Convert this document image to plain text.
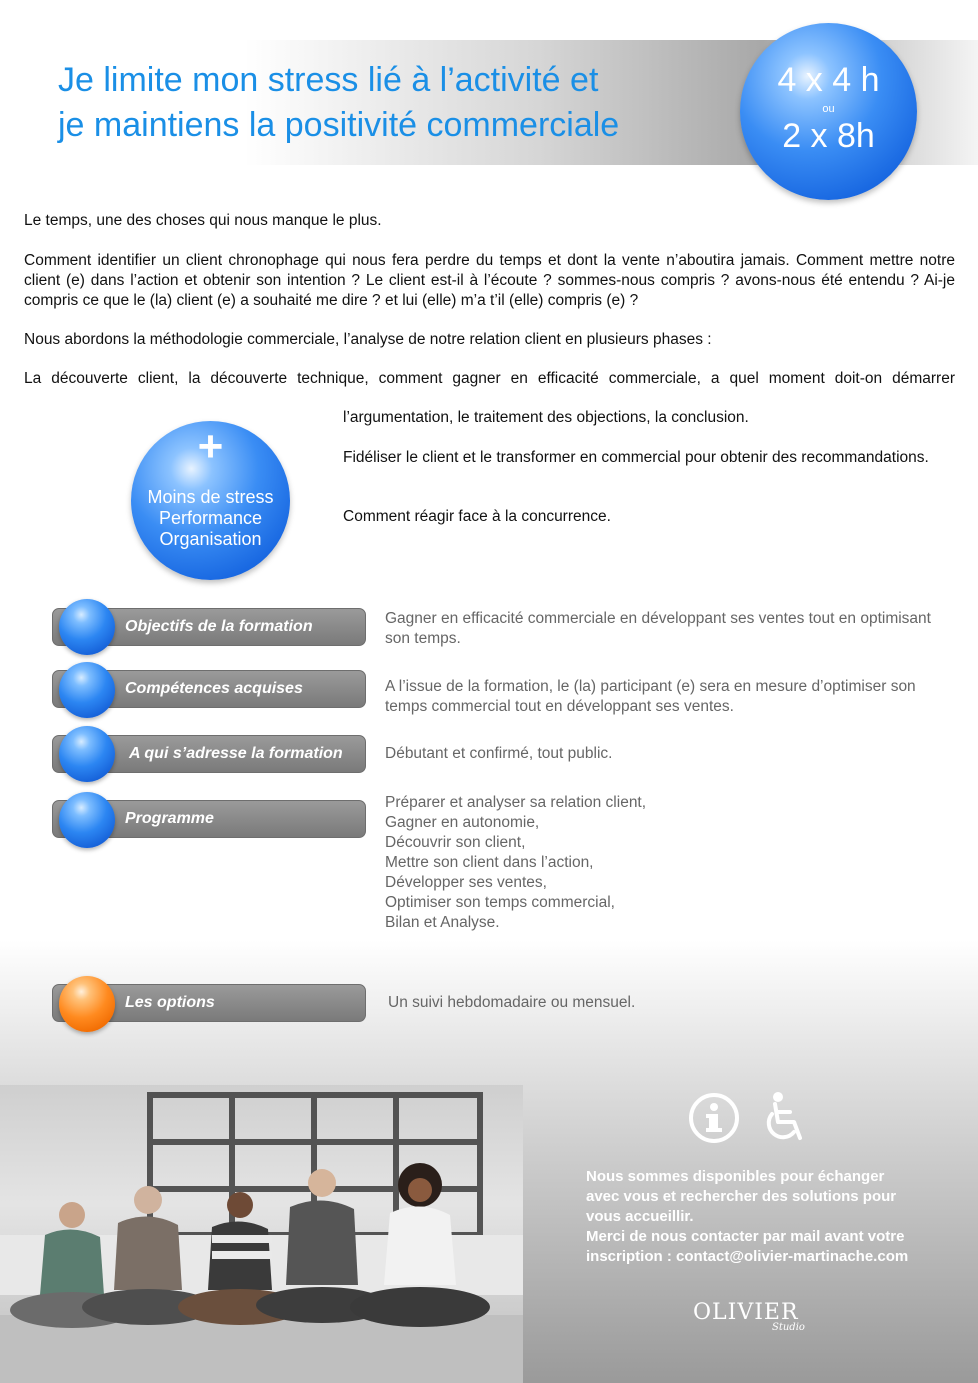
Je limite mon stress lié à l’activité et
je maintiens la positivité commerciale
4 x 4 h
ou
2 x 8h

Le temps, une des choses qui nous manque le plus.

Comment identifier un client chronophage qui nous fera perdre du temps et dont la vente n’aboutira jamais. Comment mettre notre client (e) dans l’action et obtenir son intention ? Le client est-il à l’écoute ? sommes-nous compris ? avons-nous été entendu ? Ai-je compris ce que le (la) client (e) a souhaité me dire ? et lui (elle) m’a t’il (elle) compris (e) ?

Nous abordons la méthodologie commerciale, l’analyse de notre relation client en plusieurs phases :

La découverte client, la découverte technique, comment gagner en efficacité commerciale, a quel moment doit-on démarrer

l’argumentation, le traitement des objections, la conclusion.

Fidéliser le client et le transformer en commercial pour obtenir des recommandations.

Comment réagir face à la concurrence.

+
Moins de stress
Performance
Organisation
Objectifs de la formation	Gagner en efficacité commerciale en développant ses ventes tout en optimisant son temps.

Compétences acquises	A l’issue de la formation, le (la) participant (e) sera en mesure d’optimiser son temps commercial tout en développant ses ventes.

A qui s’adresse la formation	Débutant et confirmé, tout public.

Programme
Préparer et analyser sa relation client,
Gagner en autonomie,
Découvrir son client,
Mettre son client dans l’action,
Développer ses ventes,
Optimiser son temps commercial,
Bilan et Analyse.
Les options	Un suivi hebdomadaire ou mensuel.

Nous sommes disponibles pour échanger
avec vous et rechercher des solutions pour
vous accueillir.
Merci de nous contacter par mail avant votre
inscription : contact@olivier-martinache.com
OLIVIER
Studio
